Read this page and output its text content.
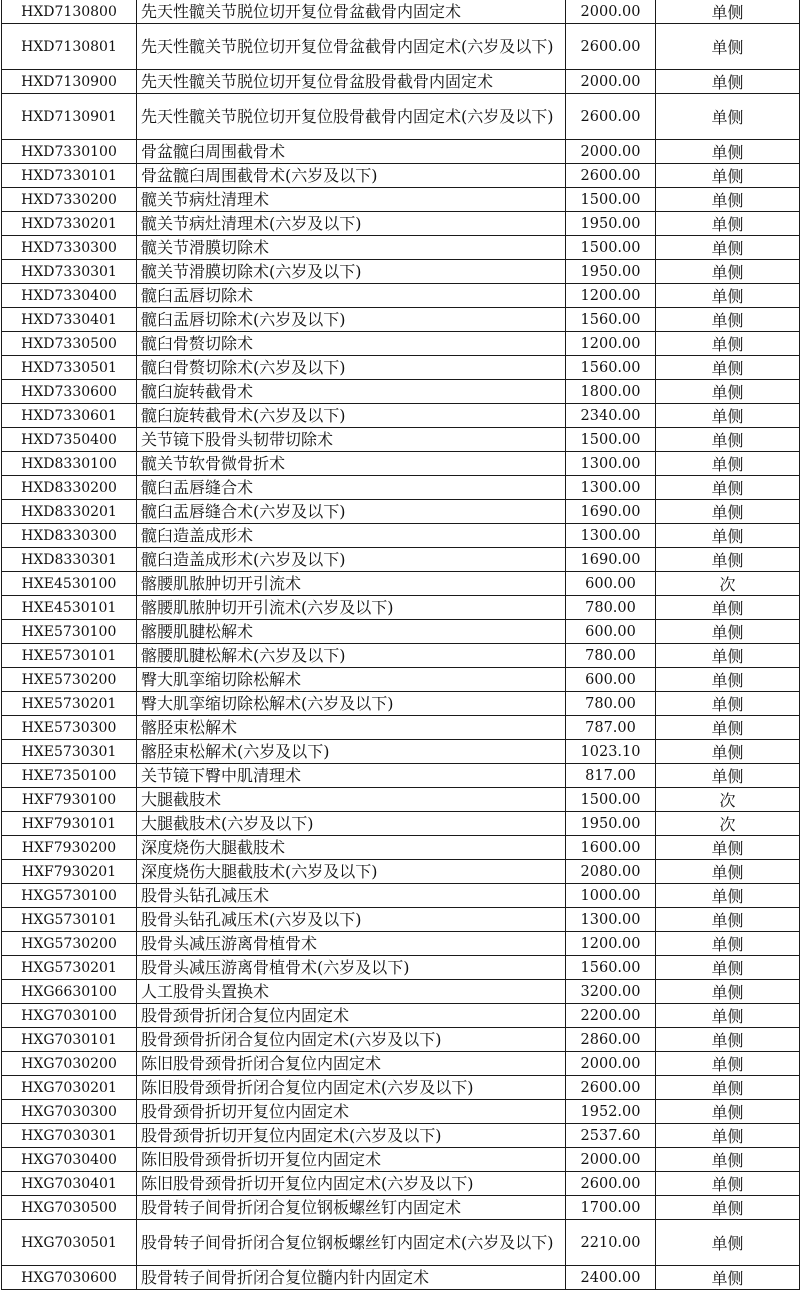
HXD7130800	先天性髋关节脱位切开复位骨盆截骨内固定术	2000.00	单侧
HXD7130801	先天性髋关节脱位切开复位骨盆截骨内固定术(六岁及以下)	2600.00	单侧
HXD7130900	先天性髋关节脱位切开复位骨盆股骨截骨内固定术	2000.00	单侧
HXD7130901	先天性髋关节脱位切开复位股骨截骨内固定术(六岁及以下)	2600.00	单侧
HXD7330100	骨盆髋臼周围截骨术	2000.00	单侧
HXD7330101	骨盆髋臼周围截骨术(六岁及以下)	2600.00	单侧
HXD7330200	髋关节病灶清理术	1500.00	单侧
HXD7330201	髋关节病灶清理术(六岁及以下)	1950.00	单侧
HXD7330300	髋关节滑膜切除术	1500.00	单侧
HXD7330301	髋关节滑膜切除术(六岁及以下)	1950.00	单侧
HXD7330400	髋臼盂唇切除术	1200.00	单侧
HXD7330401	髋臼盂唇切除术(六岁及以下)	1560.00	单侧
HXD7330500	髋臼骨赘切除术	1200.00	单侧
HXD7330501	髋臼骨赘切除术(六岁及以下)	1560.00	单侧
HXD7330600	髋臼旋转截骨术	1800.00	单侧
HXD7330601	髋臼旋转截骨术(六岁及以下)	2340.00	单侧
HXD7350400	关节镜下股骨头韧带切除术	1500.00	单侧
HXD8330100	髋关节软骨微骨折术	1300.00	单侧
HXD8330200	髋臼盂唇缝合术	1300.00	单侧
HXD8330201	髋臼盂唇缝合术(六岁及以下)	1690.00	单侧
HXD8330300	髋臼造盖成形术	1300.00	单侧
HXD8330301	髋臼造盖成形术(六岁及以下)	1690.00	单侧
HXE4530100	髂腰肌脓肿切开引流术	600.00	次
HXE4530101	髂腰肌脓肿切开引流术(六岁及以下)	780.00	单侧
HXE5730100	髂腰肌腱松解术	600.00	单侧
HXE5730101	髂腰肌腱松解术(六岁及以下)	780.00	单侧
HXE5730200	臀大肌挛缩切除松解术	600.00	单侧
HXE5730201	臀大肌挛缩切除松解术(六岁及以下)	780.00	单侧
HXE5730300	髂胫束松解术	787.00	单侧
HXE5730301	髂胫束松解术(六岁及以下)	1023.10	单侧
HXE7350100	关节镜下臀中肌清理术	817.00	单侧
HXF7930100	大腿截肢术	1500.00	次
HXF7930101	大腿截肢术(六岁及以下)	1950.00	次
HXF7930200	深度烧伤大腿截肢术	1600.00	单侧
HXF7930201	深度烧伤大腿截肢术(六岁及以下)	2080.00	单侧
HXG5730100	股骨头钻孔减压术	1000.00	单侧
HXG5730101	股骨头钻孔减压术(六岁及以下)	1300.00	单侧
HXG5730200	股骨头减压游离骨植骨术	1200.00	单侧
HXG5730201	股骨头减压游离骨植骨术(六岁及以下)	1560.00	单侧
HXG6630100	人工股骨头置换术	3200.00	单侧
HXG7030100	股骨颈骨折闭合复位内固定术	2200.00	单侧
HXG7030101	股骨颈骨折闭合复位内固定术(六岁及以下)	2860.00	单侧
HXG7030200	陈旧股骨颈骨折闭合复位内固定术	2000.00	单侧
HXG7030201	陈旧股骨颈骨折闭合复位内固定术(六岁及以下)	2600.00	单侧
HXG7030300	股骨颈骨折切开复位内固定术	1952.00	单侧
HXG7030301	股骨颈骨折切开复位内固定术(六岁及以下)	2537.60	单侧
HXG7030400	陈旧股骨颈骨折切开复位内固定术	2000.00	单侧
HXG7030401	陈旧股骨颈骨折切开复位内固定术(六岁及以下)	2600.00	单侧
HXG7030500	股骨转子间骨折闭合复位钢板螺丝钉内固定术	1700.00	单侧
HXG7030501	股骨转子间骨折闭合复位钢板螺丝钉内固定术(六岁及以下)	2210.00	单侧
HXG7030600	股骨转子间骨折闭合复位髓内针内固定术	2400.00	单侧
